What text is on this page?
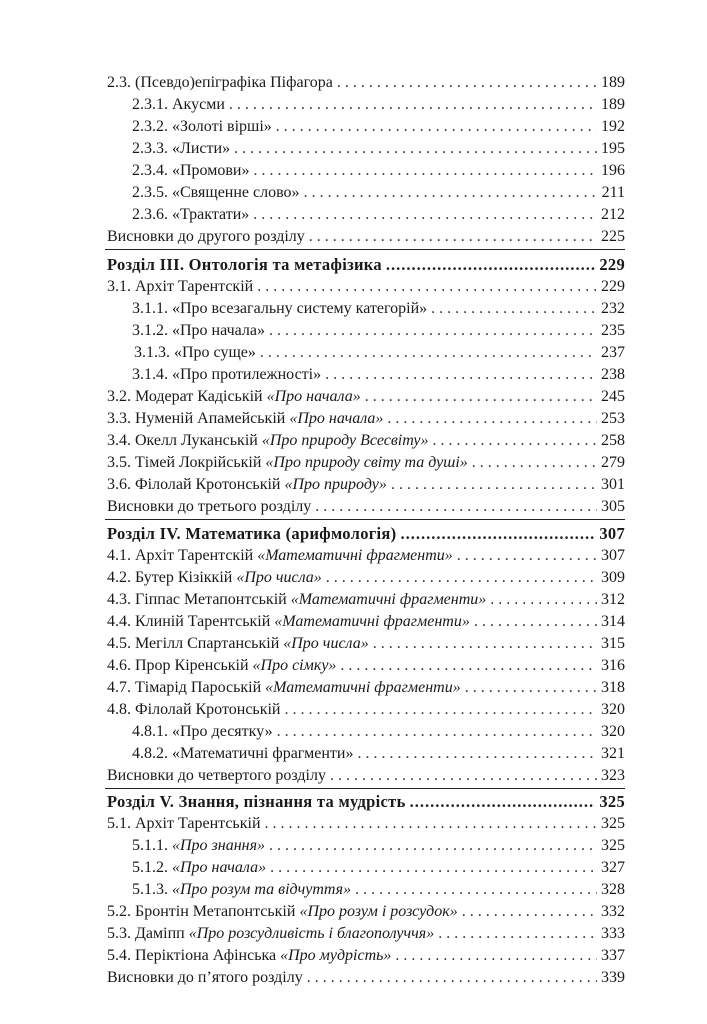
2.3. (Псевдо)епіграфіка Піфагора . . .	189
2.3.1. Акусми . . .	189
2.3.2. «Золоті вірші» . . .	192
2.3.3. «Листи» . . .	195
2.3.4. «Промови» . . .	196
2.3.5. «Священне слово» . . .	211
2.3.6. «Трактати» . . .	212
Висновки до другого розділу . . .	225
Розділ III. Онтологія та метафізика .....	229
3.1. Архіт Тарентскій . . .	229
3.1.1. «Про всезагальну систему категорій» . . .	232
3.1.2. «Про начала» . . .	235
3.1.3. «Про суще» . . .	237
3.1.4. «Про протилежності» . . .	238
3.2. Модерат Кадіській «Про начала» . . .	245
3.3. Нуменій Апамейській «Про начала» . . .	253
3.4. Окелл Луканській «Про природу Всесвіту» . . .	258
3.5. Тімей Локрійській «Про природу світу та душі» . . .	279
3.6. Філолай Кротонській «Про природу» . . .	301
Висновки до третього розділу . . .	305
Розділ IV. Математика (арифмологія) .....	307
4.1. Архіт Тарентскій «Математичні фрагменти» . . .	307
4.2. Бутер Кізіккій «Про числа» . . .	309
4.3. Гіппас Метапонтській «Математичні фрагменти» . . .	312
4.4. Клиній Тарентській «Математичні фрагменти» . . .	314
4.5. Мегілл Спартанській «Про числа» . . .	315
4.6. Прор Кіренській «Про сімку» . . .	316
4.7. Тімарід Пароській «Математичні фрагменти» . . .	318
4.8. Філолай Кротонській . . .	320
4.8.1. «Про десятку» . . .	320
4.8.2. «Математичні фрагменти» . . .	321
Висновки до четвертого розділу . . .	323
Розділ V. Знання, пізнання та мудрість .....	325
5.1. Архіт Тарентській . . .	325
5.1.1. «Про знання» . . .	325
5.1.2. «Про начала» . . .	327
5.1.3. «Про розум та відчуття» . . .	328
5.2. Бронтін Метапонтській «Про розум і розсудок» . . .	332
5.3. Даміпп «Про розсудливість і благополуччя» . . .	333
5.4. Періктіона Афінська «Про мудрість» . . .	337
Висновки до п’ятого розділу . . .	339
